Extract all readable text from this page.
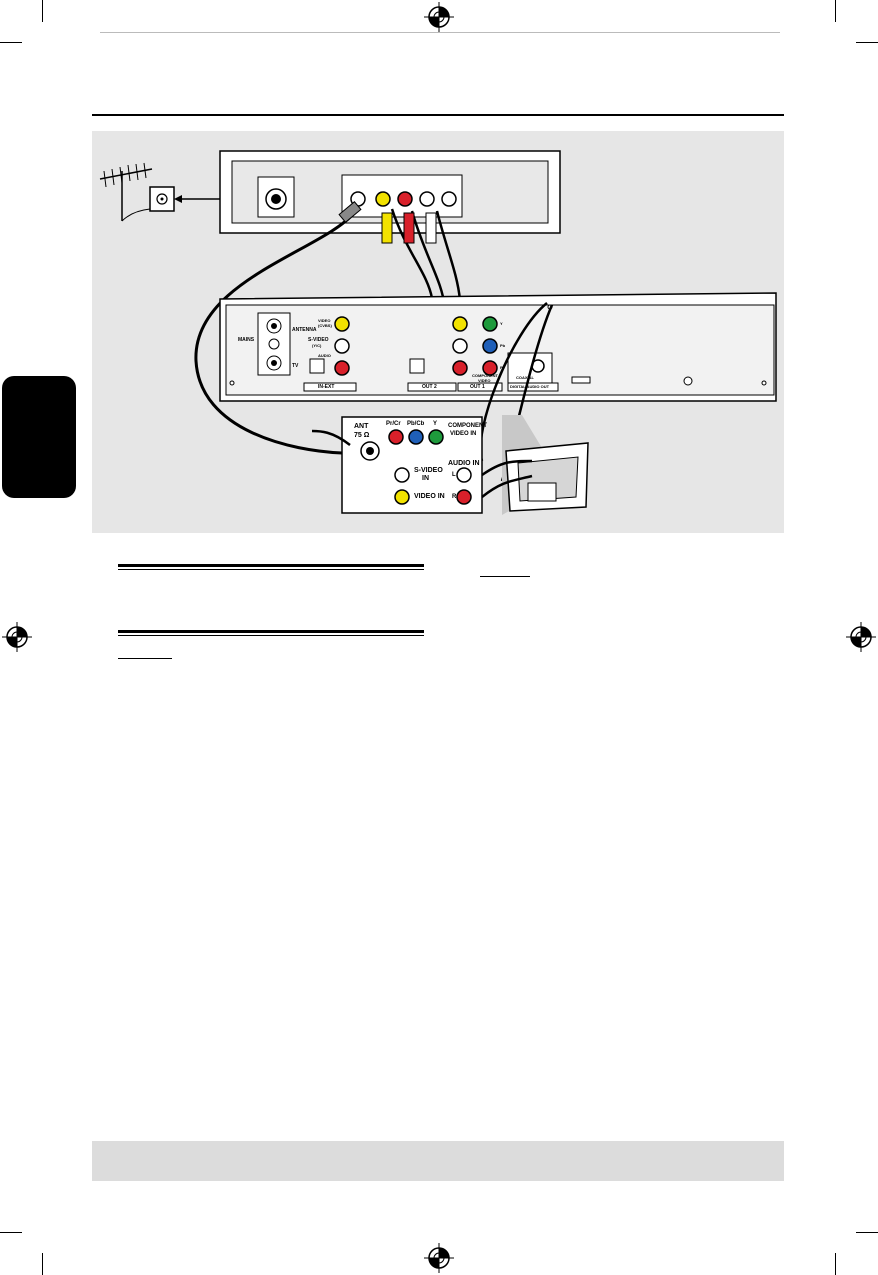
ANT
75 Ω
Pr/Cr Pb/Cb Y COMPONENT
VIDEO IN
S-VIDEO
IN
VIDEO IN
AUDIO IN
L
R
ANTENNA
TV
MAINS	S-VIDEO
(Y/C)
VIDEO
(CVBS)
AUDIO
IN-EXT	OUT 2	OUT 1
COMPONENT
VIDEO
DIGITAL AUDIO OUT
COAXIAL
Y
Pb
Pr
